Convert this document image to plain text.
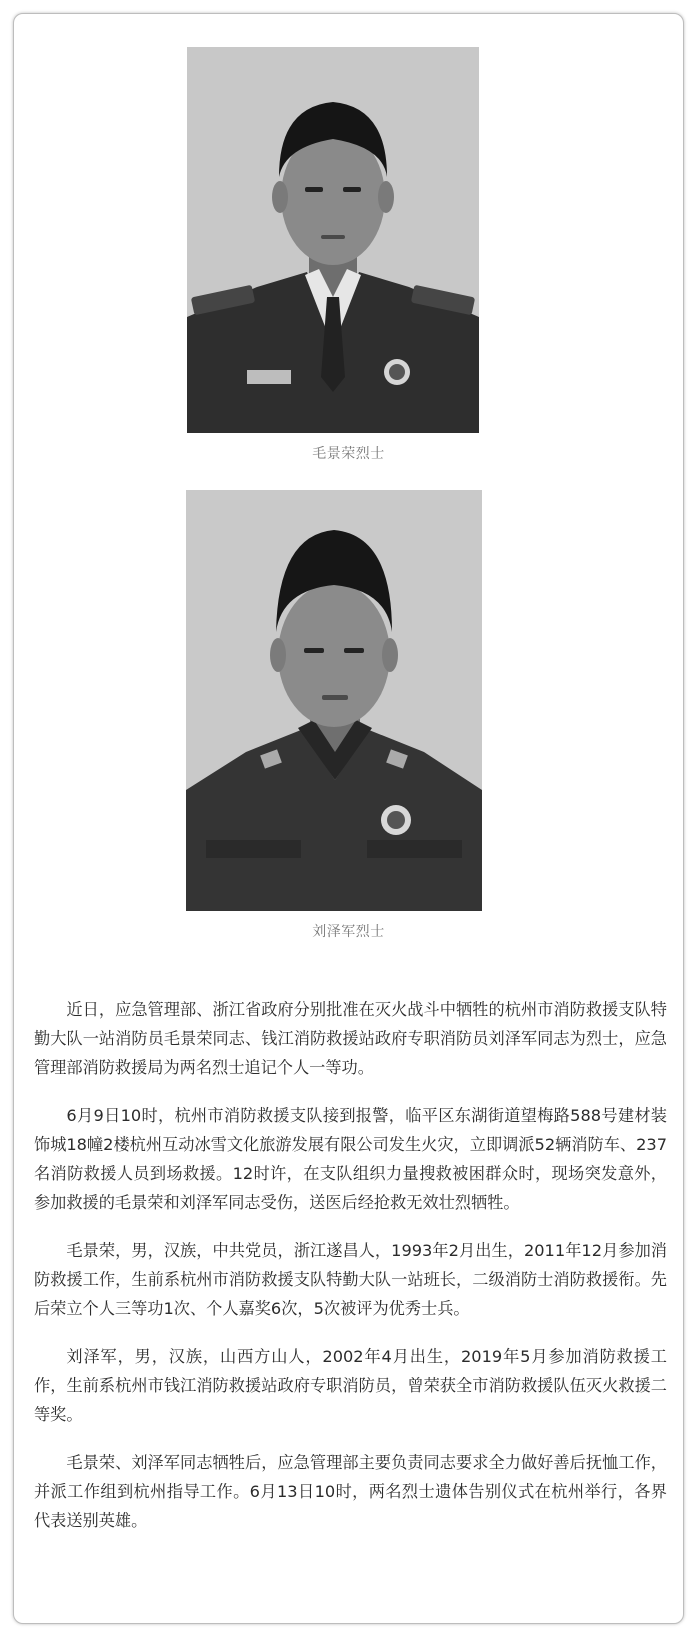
毛景荣烈士
刘泽军烈士

近日，应急管理部、浙江省政府分别批准在灭火战斗中牺牲的杭州市消防救援支队特勤大队一站消防员毛景荣同志、钱江消防救援站政府专职消防员刘泽军同志为烈士，应急管理部消防救援局为两名烈士追记个人一等功。

6月9日10时，杭州市消防救援支队接到报警，临平区东湖街道望梅路588号建材装饰城18幢2楼杭州互动冰雪文化旅游发展有限公司发生火灾，立即调派52辆消防车、237名消防救援人员到场救援。12时许，在支队组织力量搜救被困群众时，现场突发意外，参加救援的毛景荣和刘泽军同志受伤，送医后经抢救无效壮烈牺牲。

毛景荣，男，汉族，中共党员，浙江遂昌人，1993年2月出生，2011年12月参加消防救援工作，生前系杭州市消防救援支队特勤大队一站班长，二级消防士消防救援衔。先后荣立个人三等功1次、个人嘉奖6次，5次被评为优秀士兵。

刘泽军，男，汉族，山西方山人，2002年4月出生，2019年5月参加消防救援工作，生前系杭州市钱江消防救援站政府专职消防员，曾荣获全市消防救援队伍灭火救援二等奖。

毛景荣、刘泽军同志牺牲后，应急管理部主要负责同志要求全力做好善后抚恤工作，并派工作组到杭州指导工作。6月13日10时，两名烈士遗体告别仪式在杭州举行，各界代表送别英雄。
